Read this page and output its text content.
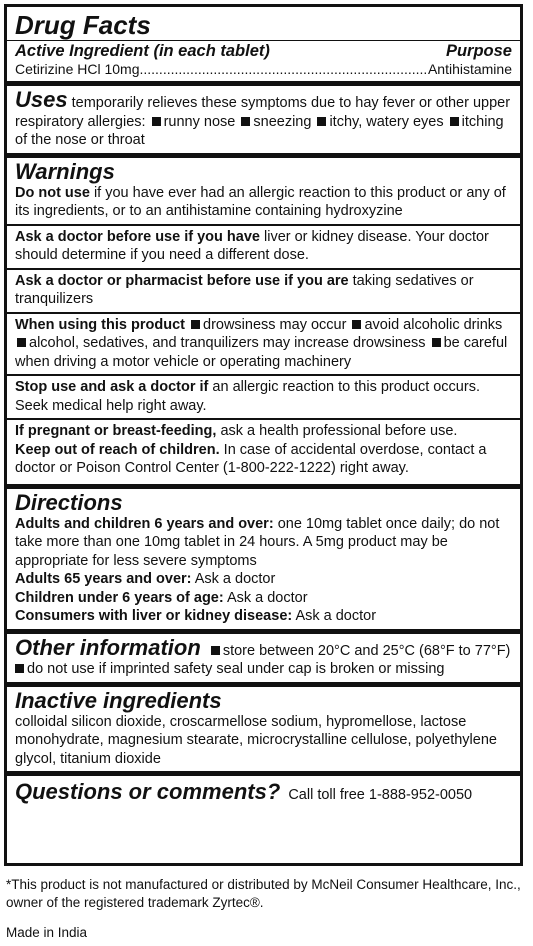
Drug Facts
Active Ingredient (in each tablet)	Purpose
Cetirizine HCl 10mg
.....	Antihistamine
Uses temporarily relieves these symptoms due to hay fever or other upper respiratory allergies: runny nose sneezing itchy, watery eyes itching of the nose or throat
Warnings
Do not use if you have ever had an allergic reaction to this product or any of its ingredients, or to an antihistamine containing hydroxyzine
Ask a doctor before use if you have liver or kidney disease. Your doctor should determine if you need a different dose.
Ask a doctor or pharmacist before use if you are taking sedatives or tranquilizers
When using this product drowsiness may occur avoid alcoholic drinks alcohol, sedatives, and tranquilizers may increase drowsiness be careful when driving a motor vehicle or operating machinery
Stop use and ask a doctor if an allergic reaction to this product occurs. Seek medical help right away.
If pregnant or breast-feeding, ask a health professional before use.
Keep out of reach of children. In case of accidental overdose, contact a doctor or Poison Control Center (1-800-222-1222) right away.
Directions
Adults and children 6 years and over: one 10mg tablet once daily; do not take more than one 10mg tablet in 24 hours. A 5mg product may be appropriate for less severe symptoms
Adults 65 years and over: Ask a doctor
Children under 6 years of age: Ask a doctor
Consumers with liver or kidney disease: Ask a doctor
Other information store between 20°C and 25°C (68°F to 77°F)
do not use if imprinted safety seal under cap is broken or missing
Inactive ingredients
colloidal silicon dioxide, croscarmellose sodium, hypromellose, lactose monohydrate, magnesium stearate, microcrystalline cellulose, polyethylene glycol, titanium dioxide
Questions or comments? Call toll free 1-888-952-0050
*This product is not manufactured or distributed by McNeil Consumer Healthcare, Inc., owner of the registered trademark Zyrtec®.
Made in India
